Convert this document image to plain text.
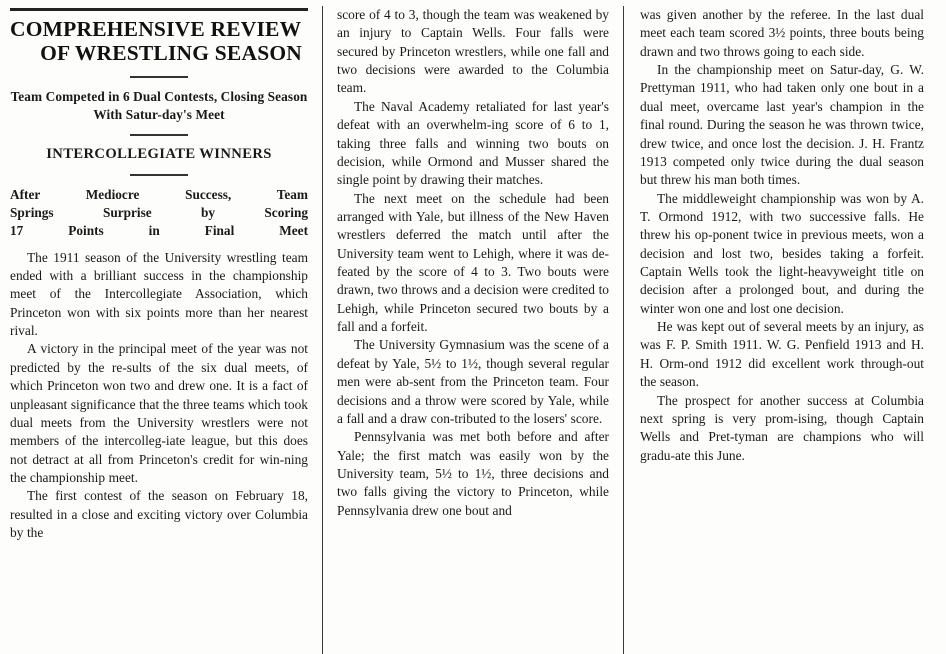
COMPREHENSIVE REVIEW
OF WRESTLING SEASON
Team Competed in 6 Dual Contests, Closing Season With Satur-day's Meet
INTERCOLLEGIATE WINNERS
After Mediocre Success, Team
Springs Surprise by Scoring
17 Points in Final Meet

The 1911 season of the University wrestling team ended with a brilliant success in the championship meet of the Intercollegiate Association, which Princeton won with six points more than her nearest rival.

A victory in the principal meet of the year was not predicted by the re-sults of the six dual meets, of which Princeton won two and drew one. It is a fact of unpleasant significance that the three teams which took dual meets from the University wrestlers were not members of the intercolleg-iate league, but this does not detract at all from Princeton's credit for win-ning the championship meet.

The first contest of the season on February 18, resulted in a close and exciting victory over Columbia by the

score of 4 to 3, though the team was weakened by an injury to Captain Wells. Four falls were secured by Princeton wrestlers, while one fall and two decisions were awarded to the Columbia team.

The Naval Academy retaliated for last year's defeat with an overwhelm-ing score of 6 to 1, taking three falls and winning two bouts on decision, while Ormond and Musser shared the single point by drawing their matches.

The next meet on the schedule had been arranged with Yale, but illness of the New Haven wrestlers deferred the match until after the University team went to Lehigh, where it was de-feated by the score of 4 to 3. Two bouts were drawn, two throws and a decision were credited to Lehigh, while Princeton secured two bouts by a fall and a forfeit.

The University Gymnasium was the scene of a defeat by Yale, 5½ to 1½, though several regular men were ab-sent from the Princeton team. Four decisions and a throw were scored by Yale, while a fall and a draw con-tributed to the losers' score.

Pennsylvania was met both before and after Yale; the first match was easily won by the University team, 5½ to 1½, three decisions and two falls giving the victory to Princeton, while Pennsylvania drew one bout and

was given another by the referee. In the last dual meet each team scored 3½ points, three bouts being drawn and two throws going to each side.

In the championship meet on Satur-day, G. W. Prettyman 1911, who had taken only one bout in a dual meet, overcame last year's champion in the final round. During the season he was thrown twice, drew twice, and once lost the decision. J. H. Frantz 1913 competed only twice during the dual season but threw his man both times.

The middleweight championship was won by A. T. Ormond 1912, with two successive falls. He threw his op-ponent twice in previous meets, won a decision and lost two, besides taking a forfeit. Captain Wells took the light-heavyweight title on decision after a prolonged bout, and during the winter won one and lost one decision.

He was kept out of several meets by an injury, as was F. P. Smith 1911. W. G. Penfield 1913 and H. H. Orm-ond 1912 did excellent work through-out the season.

The prospect for another success at Columbia next spring is very prom-ising, though Captain Wells and Pret-tyman are champions who will gradu-ate this June.
